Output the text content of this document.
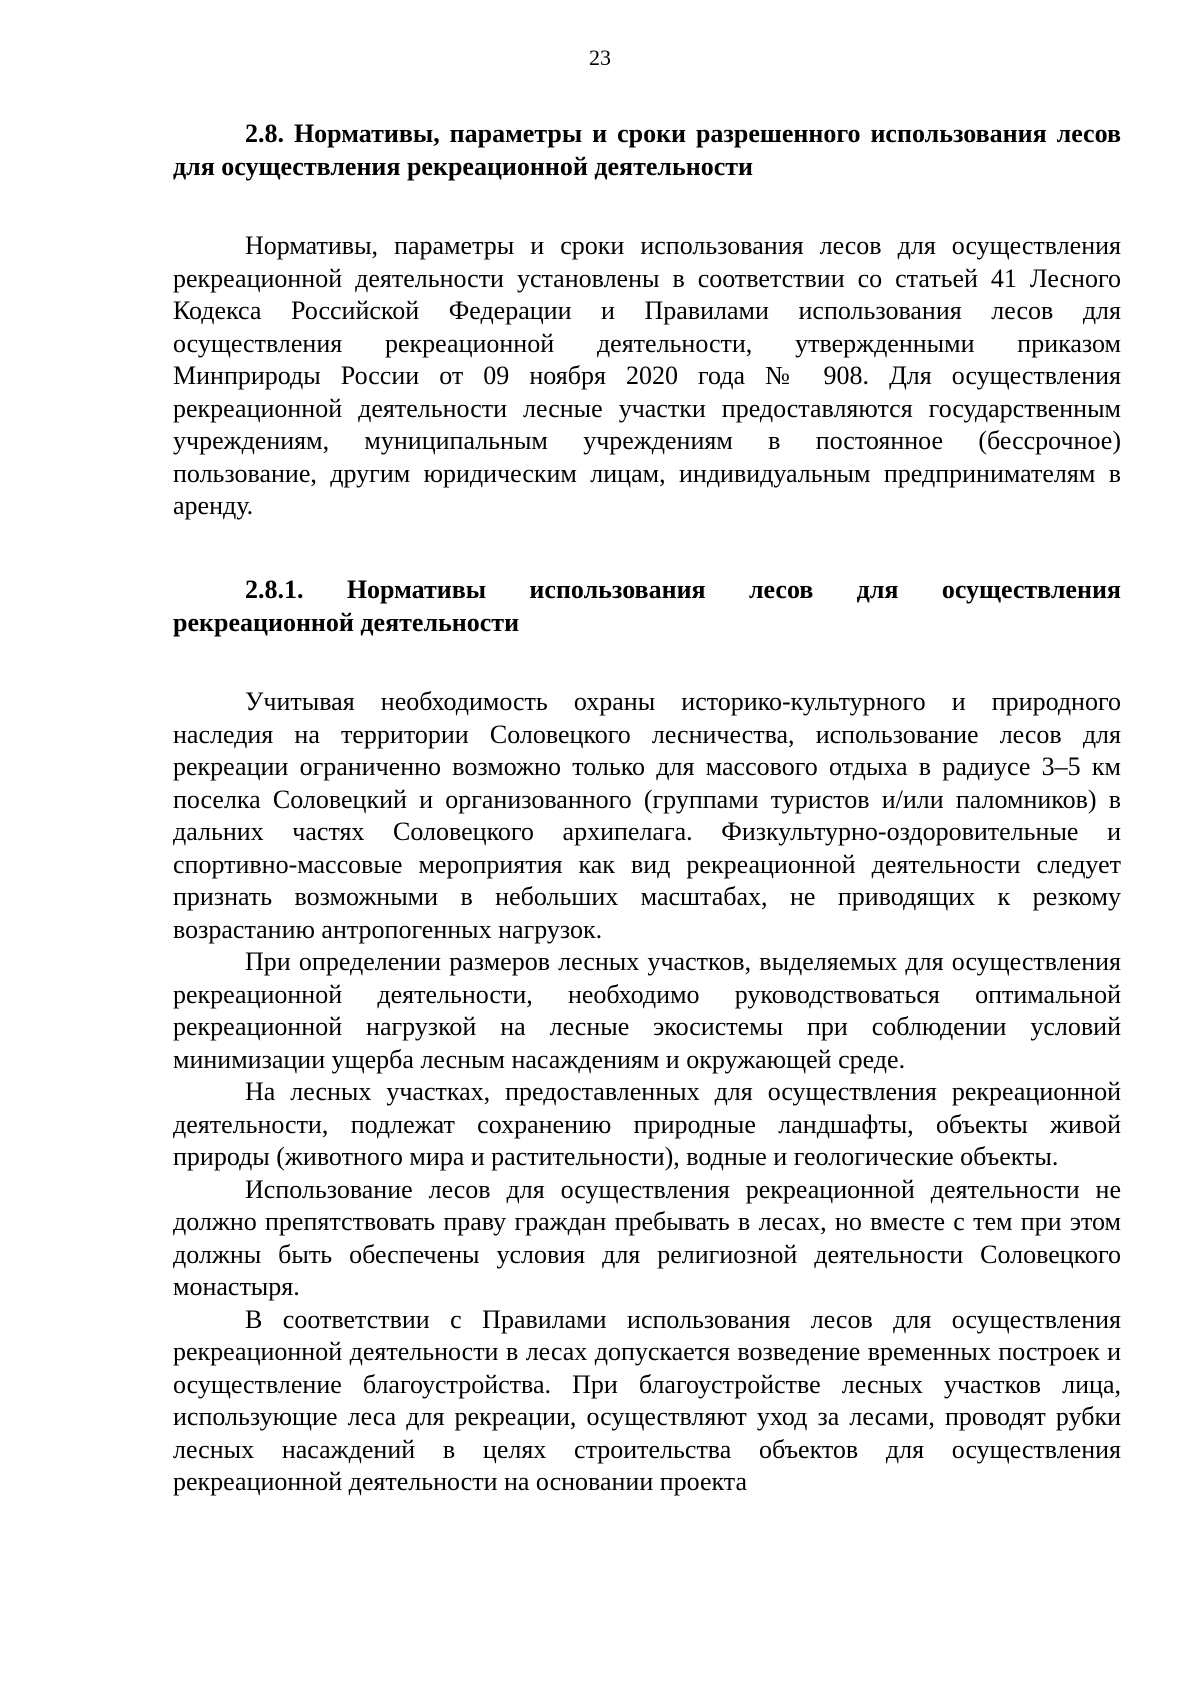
23
2.8. Нормативы, параметры и сроки разрешенного использования лесов для осуществления рекреационной деятельности

Нормативы, параметры и сроки использования лесов для осуществления рекреационной деятельности установлены в соответствии со статьей 41 Лесного Кодекса Российской Федерации и Правилами использования лесов для осуществления рекреационной деятельности, утвержденными приказом Минприроды России от 09 ноября 2020 года № 908. Для осуществления рекреационной деятельности лесные участки предоставляются государственным учреждениям, муниципальным учреждениям в постоянное (бессрочное) пользование, другим юридическим лицам, индивидуальным предпринимателям в аренду.

2.8.1. Нормативы использования лесов для осуществления рекреационной деятельности

Учитывая необходимость охраны историко-культурного и природного наследия на территории Соловецкого лесничества, использование лесов для рекреации ограниченно возможно только для массового отдыха в радиусе 3–5 км поселка Соловецкий и организованного (группами туристов и/или паломников) в дальних частях Соловецкого архипелага. Физкультурно-оздоровительные и спортивно-массовые мероприятия как вид рекреационной деятельности следует признать возможными в небольших масштабах, не приводящих к резкому возрастанию антропогенных нагрузок.

При определении размеров лесных участков, выделяемых для осуществления рекреационной деятельности, необходимо руководствоваться оптимальной рекреационной нагрузкой на лесные экосистемы при соблюдении условий минимизации ущерба лесным насаждениям и окружающей среде.

На лесных участках, предоставленных для осуществления рекреационной деятельности, подлежат сохранению природные ландшафты, объекты живой природы (животного мира и растительности), водные и геологические объекты.

Использование лесов для осуществления рекреационной деятельности не должно препятствовать праву граждан пребывать в лесах, но вместе с тем при этом должны быть обеспечены условия для религиозной деятельности Соловецкого монастыря.

В соответствии с Правилами использования лесов для осуществления рекреационной деятельности в лесах допускается возведение временных построек и осуществление благоустройства. При благоустройстве лесных участков лица, использующие леса для рекреации, осуществляют уход за лесами, проводят рубки лесных насаждений в целях строительства объектов для осуществления рекреационной деятельности на основании проекта
